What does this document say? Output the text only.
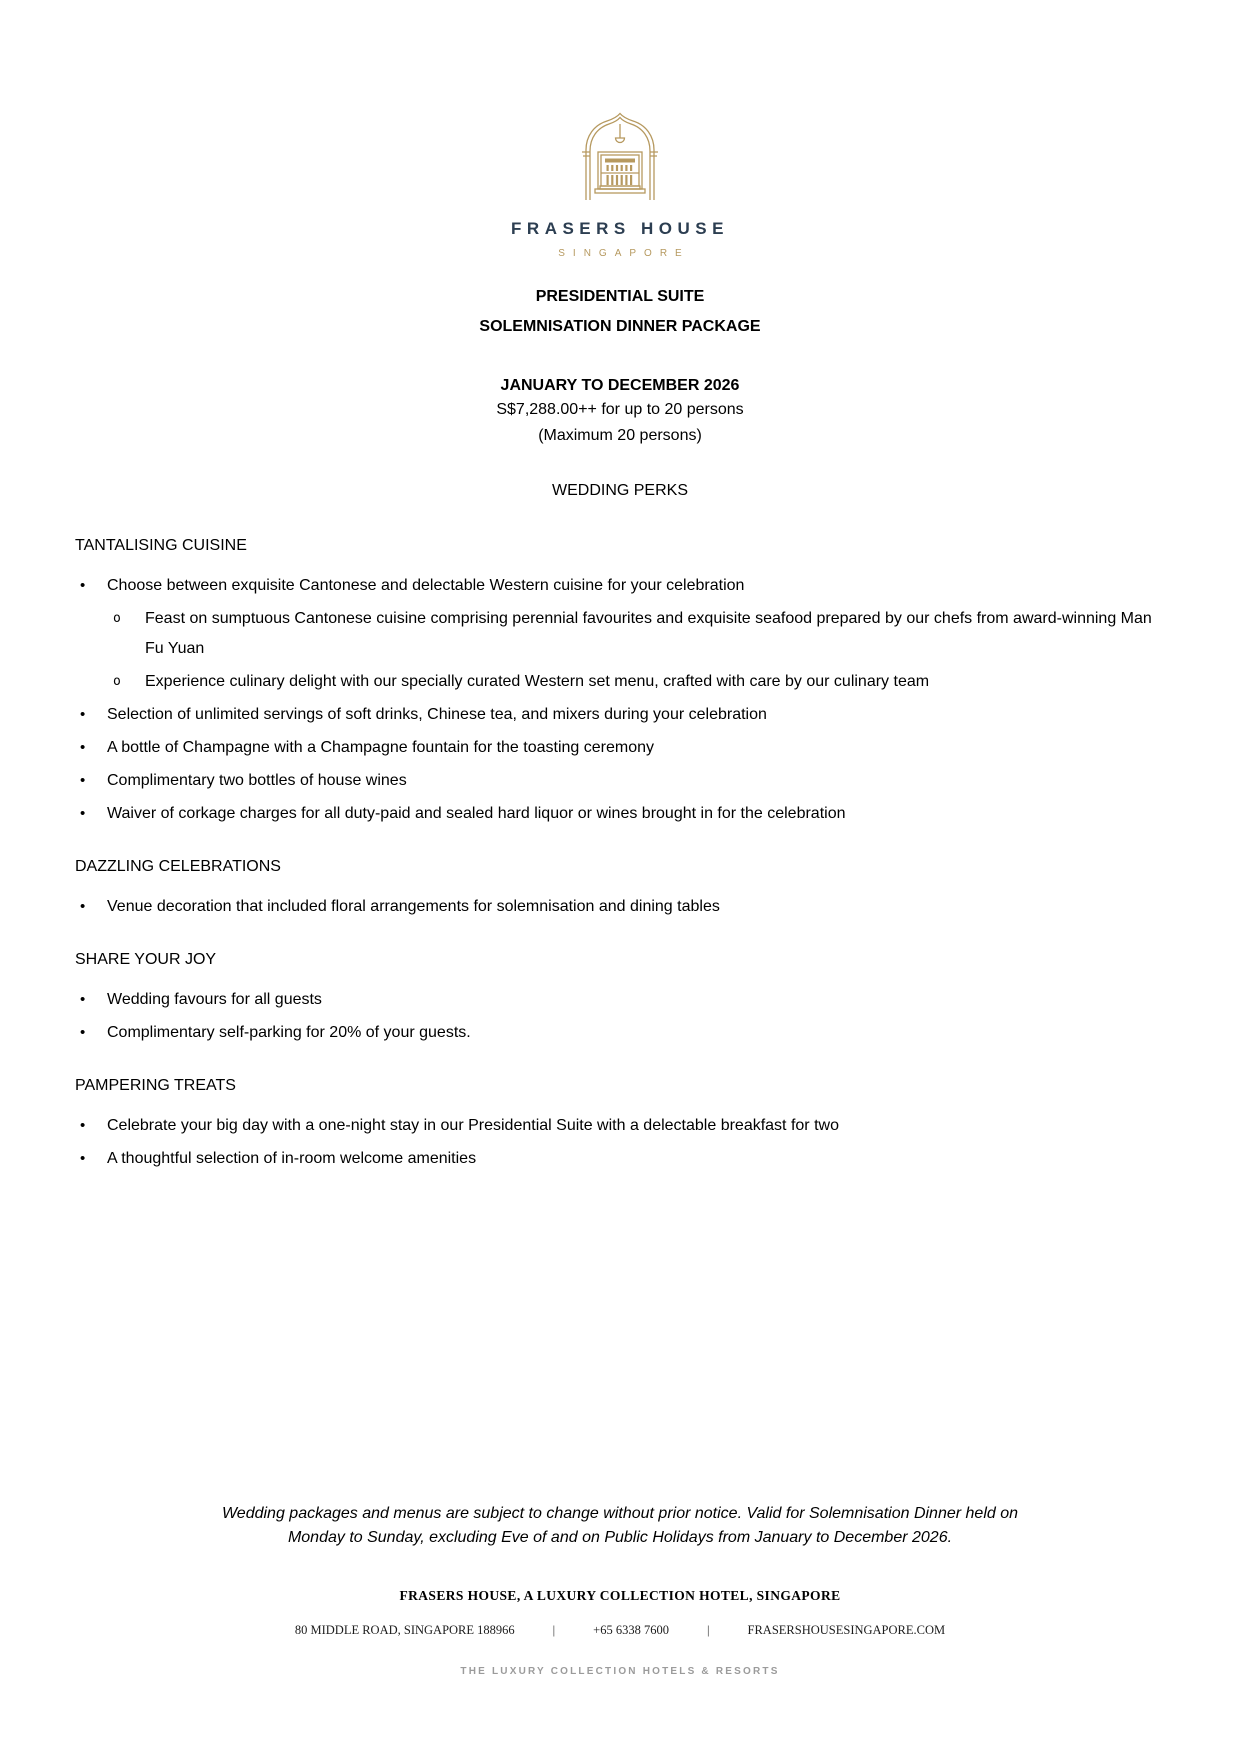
FRASERS HOUSE
SINGAPORE
PRESIDENTIAL SUITE
SOLEMNISATION DINNER PACKAGE
JANUARY TO DECEMBER 2026
S$7,288.00++ for up to 20 persons
(Maximum 20 persons)
WEDDING PERKS
TANTALISING CUISINE
•	Choose between exquisite Cantonese and delectable Western cuisine for your celebration
o	Feast on sumptuous Cantonese cuisine comprising perennial favourites and exquisite seafood prepared by our chefs from award-winning Man Fu Yuan
o	Experience culinary delight with our specially curated Western set menu, crafted with care by our culinary team
•	Selection of unlimited servings of soft drinks, Chinese tea, and mixers during your celebration
•	A bottle of Champagne with a Champagne fountain for the toasting ceremony
•	Complimentary two bottles of house wines
•	Waiver of corkage charges for all duty-paid and sealed hard liquor or wines brought in for the celebration
DAZZLING CELEBRATIONS
•	Venue decoration that included floral arrangements for solemnisation and dining tables
SHARE YOUR JOY
•	Wedding favours for all guests
•	Complimentary self-parking for 20% of your guests.
PAMPERING TREATS
•	Celebrate your big day with a one-night stay in our Presidential Suite with a delectable breakfast for two
•	A thoughtful selection of in-room welcome amenities
Wedding packages and menus are subject to change without prior notice. Valid for Solemnisation Dinner held on
Monday to Sunday, excluding Eve of and on Public Holidays from January to December 2026.
FRASERS HOUSE, A LUXURY COLLECTION HOTEL, SINGAPORE
80 MIDDLE ROAD, SINGAPORE 188966	|	+65 6338 7600	|	FRASERSHOUSESINGAPORE.COM
THE LUXURY COLLECTION HOTELS & RESORTS
